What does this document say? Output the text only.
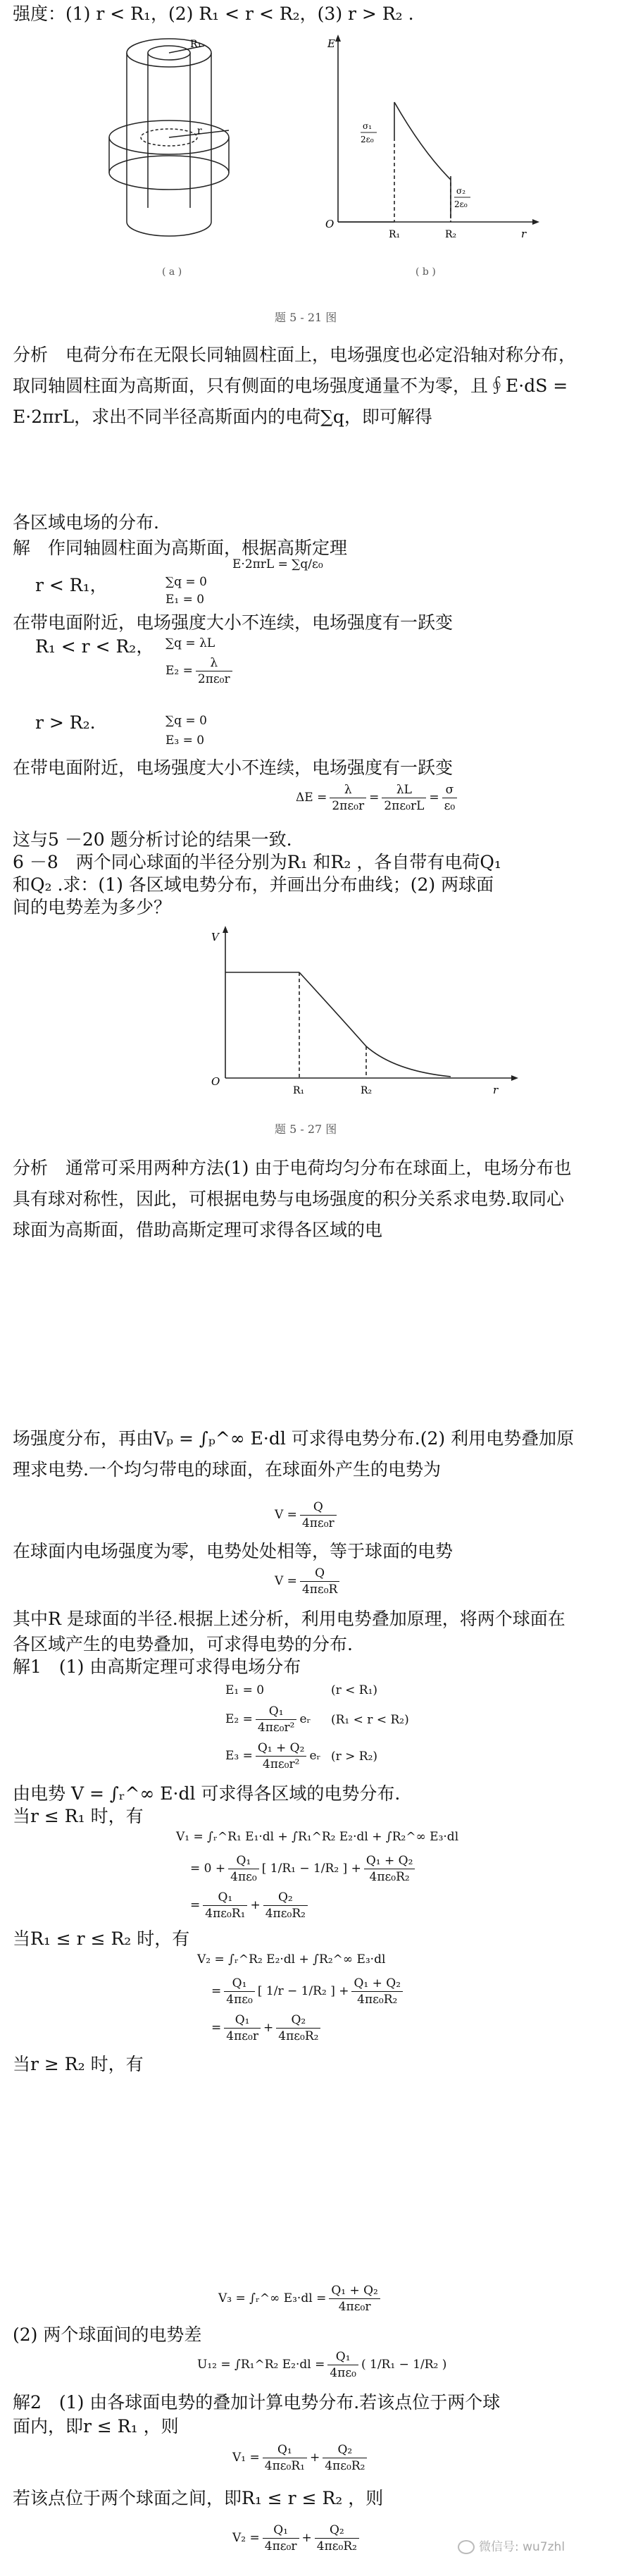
强度：(1) r < R₁，(2) R₁ < r < R₂，(3) r > R₂ .
r
R₁
( a )
E
O
R₁	R₂	r
σ₁
2ε₀
σ₂
2ε₀
( b )
题 5 - 21 图
分析　电荷分布在无限长同轴圆柱面上，电场强度也必定沿轴对称分布，取同轴圆柱面为高斯面，只有侧面的电场强度通量不为零，且∮E·dS = E·2πrL，求出不同半径高斯面内的电荷∑q，即可解得
各区域电场的分布.
解　作同轴圆柱面为高斯面，根据高斯定理
E·2πrL = ∑q/ε₀
r < R₁，	∑q = 0
E₁ = 0
在带电面附近，电场强度大小不连续，电场强度有一跃变
R₁ < r < R₂， ∑q = λL
$E_2 = \frac{\lambda}{\text{2πε₀r}}$
r > R₂.	∑q = 0
E₃ = 0
在带电面附近，电场强度大小不连续，电场强度有一跃变
$\Delta E = \frac{\lambda}{\text{2πε₀r}} = \frac{\lambda L}{\text{2πε₀rL}} = \frac{\sigma}{\text{ε₀}}$
这与5 －20 题分析讨论的结果一致.
6 －8　两个同心球面的半径分别为R₁ 和R₂ ，各自带有电荷Q₁
和Q₂ .求：(1) 各区域电势分布，并画出分布曲线；(2) 两球面
间的电势差为多少？
V
O
R₁	R₂	r
题 5 - 27 图
分析　通常可采用两种方法(1) 由于电荷均匀分布在球面上，电场分布也具有球对称性，因此，可根据电势与电场强度的积分关系求电势.取同心球面为高斯面，借助高斯定理可求得各区域的电
场强度分布，再由Vₚ = ∫ₚ^∞ E·dl 可求得电势分布.(2) 利用电势叠加原理求电势.一个均匀带电的球面，在球面外产生的电势为
$V = \frac{Q}{\text{4πε₀r}}$
在球面内电场强度为零，电势处处相等，等于球面的电势
$V = \frac{Q}{\text{4πε₀R}}$
其中R 是球面的半径.根据上述分析，利用电势叠加原理，将两个球面在各区域产生的电势叠加，可求得电势的分布.
解1　(1) 由高斯定理可求得电场分布
E₁ = 0	(r < R₁)
$E_2 = \frac{\text{Q₁}}{\text{4πε₀r²}}$ eᵣ (R₁ < r < R₂)
$E_3 = \frac{\text{Q₁ + Q₂}}{\text{4πε₀r²}}$ eᵣ (r > R₂)
由电势 V = ∫ᵣ^∞ E·dl 可求得各区域的电势分布.
当r ≤ R₁ 时，有
V₁ = ∫ᵣ^R₁ E₁·dl + ∫R₁^R₂ E₂·dl + ∫R₂^∞ E₃·dl
= $0 + \frac{\text{Q₁}}{\text{4πε₀}}$ [ 1/R₁ − 1/R₂ ] + $\frac{\text{Q₁ + Q₂}}{\text{4πε₀R₂}}$
= $\frac{\text{Q₁}}{\text{4πε₀R₁}} + \frac{\text{Q₂}}{\text{4πε₀R₂}}$
当R₁ ≤ r ≤ R₂ 时，有
V₂ = ∫ᵣ^R₂ E₂·dl + ∫R₂^∞ E₃·dl
= $\frac{\text{Q₁}}{\text{4πε₀}}$ [ 1/r − 1/R₂ ] + $\frac{\text{Q₁ + Q₂}}{\text{4πε₀R₂}}$
= $\frac{\text{Q₁}}{\text{4πε₀r}} + \frac{\text{Q₂}}{\text{4πε₀R₂}}$
当r ≥ R₂ 时，有
V₃ = ∫ᵣ^∞ $E_3\cdot dl = \frac{\text{Q₁ + Q₂}}{\text{4πε₀r}}$
(2) 两个球面间的电势差
U₁₂ = ∫R₁^R₂ $E_2\cdot dl = \frac{\text{Q₁}}{\text{4πε₀}}$ ( 1/R₁ − 1/R₂ )
解2　(1) 由各球面电势的叠加计算电势分布.若该点位于两个球
面内，即r ≤ R₁ ，则
$V_1 = \frac{\text{Q₁}}{\text{4πε₀R₁}} + \frac{\text{Q₂}}{\text{4πε₀R₂}}$
若该点位于两个球面之间，即R₁ ≤ r ≤ R₂ ，则
$V_2 = \frac{\text{Q₁}}{\text{4πε₀r}} + \frac{\text{Q₂}}{\text{4πε₀R₂}}$	微信号: wu7zhl
